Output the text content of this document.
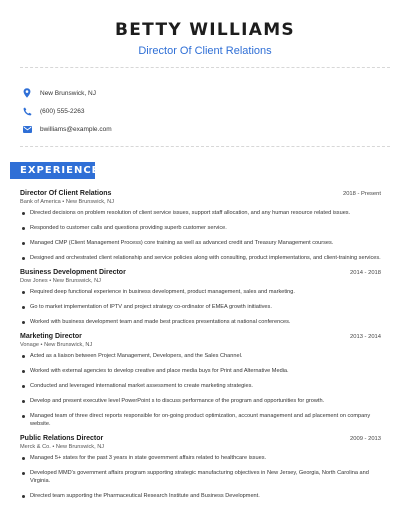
BETTY WILLIAMS
Director Of Client Relations
New Brunswick, NJ
(600) 555-2263
bwilliams@example.com
EXPERIENCE
Director Of Client Relations	2018 - Present
Bank of America • New Brunswick, NJ
Directed decisions on problem resolution of client service issues, support staff allocation, and any human resource related issues.
Responded to customer calls and questions providing superb customer service.
Managed CMP (Client Management Process) core training as well as advanced credit and Treasury Management courses.
Designed and orchestrated client relationship and service policies along with consulting, product implementations, and client-training services.
Business Development Director	2014 - 2018
Dow Jones • New Brunswick, NJ
Required deep functional experience in business development, product management, sales and marketing.
Go to market implementation of IPTV and project strategy co-ordinator of EMEA growth initiatives.
Worked with business development team and made best practices presentations at national conferences.
Marketing Director	2013 - 2014
Vonage • New Brunswick, NJ
Acted as a liaison between Project Management, Developers, and the Sales Channel.
Worked with external agencies to develop creative and place media buys for Print and Alternative Media.
Conducted and leveraged international market assessment to create marketing strategies.
Develop and present executive level PowerPoint s to discuss performance of the program and opportunities for growth.
Managed team of three direct reports responsible for on-going product optimization, account management and ad placement on company website.
Public Relations Director	2009 - 2013
Merck & Co. • New Brunswick, NJ
Managed 5+ states for the past 3 years in state government affairs related to healthcare issues.
Developed MMD's government affairs program supporting strategic manufacturing objectives in New Jersey, Georgia, North Carolina and Virginia.
Directed team supporting the Pharmaceutical Research Institute and Business Development.
